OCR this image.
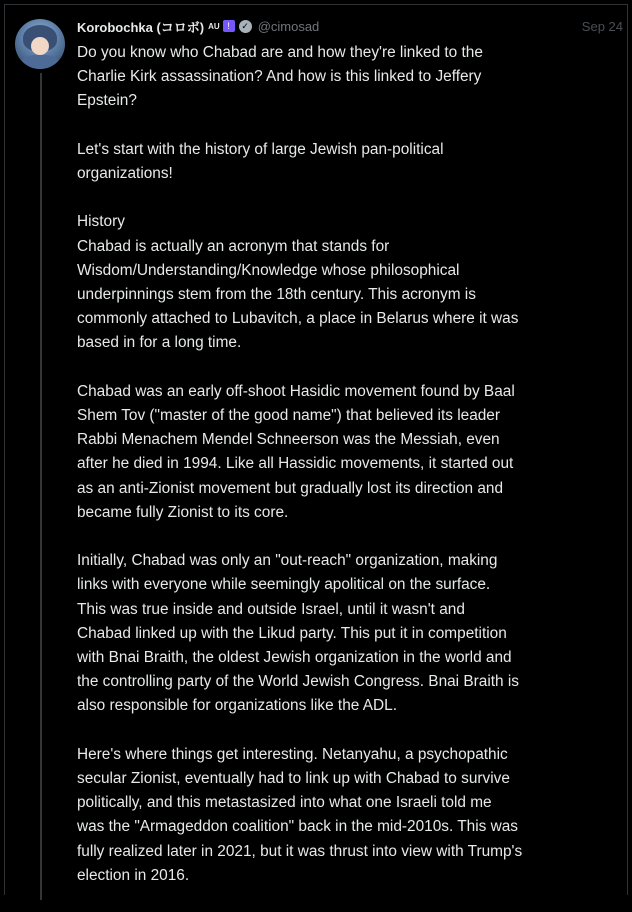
Korobochka (コロボ) AU !	✓ @cimosad	Sep 24
Do you know who Chabad are and how they're linked to the
Charlie Kirk assassination? And how is this linked to Jeffery
Epstein?
Let's start with the history of large Jewish pan-political
organizations!
History
Chabad is actually an acronym that stands for
Wisdom/Understanding/Knowledge whose philosophical
underpinnings stem from the 18th century. This acronym is
commonly attached to Lubavitch, a place in Belarus where it was
based in for a long time.
Chabad was an early off-shoot Hasidic movement found by Baal
Shem Tov ("master of the good name") that believed its leader
Rabbi Menachem Mendel Schneerson was the Messiah, even
after he died in 1994. Like all Hassidic movements, it started out
as an anti-Zionist movement but gradually lost its direction and
became fully Zionist to its core.
Initially, Chabad was only an "out-reach" organization, making
links with everyone while seemingly apolitical on the surface.
This was true inside and outside Israel, until it wasn't and
Chabad linked up with the Likud party. This put it in competition
with Bnai Braith, the oldest Jewish organization in the world and
the controlling party of the World Jewish Congress. Bnai Braith is
also responsible for organizations like the ADL.
Here's where things get interesting. Netanyahu, a psychopathic
secular Zionist, eventually had to link up with Chabad to survive
politically, and this metastasized into what one Israeli told me
was the "Armageddon coalition" back in the mid-2010s. This was
fully realized later in 2021, but it was thrust into view with Trump's
election in 2016.
